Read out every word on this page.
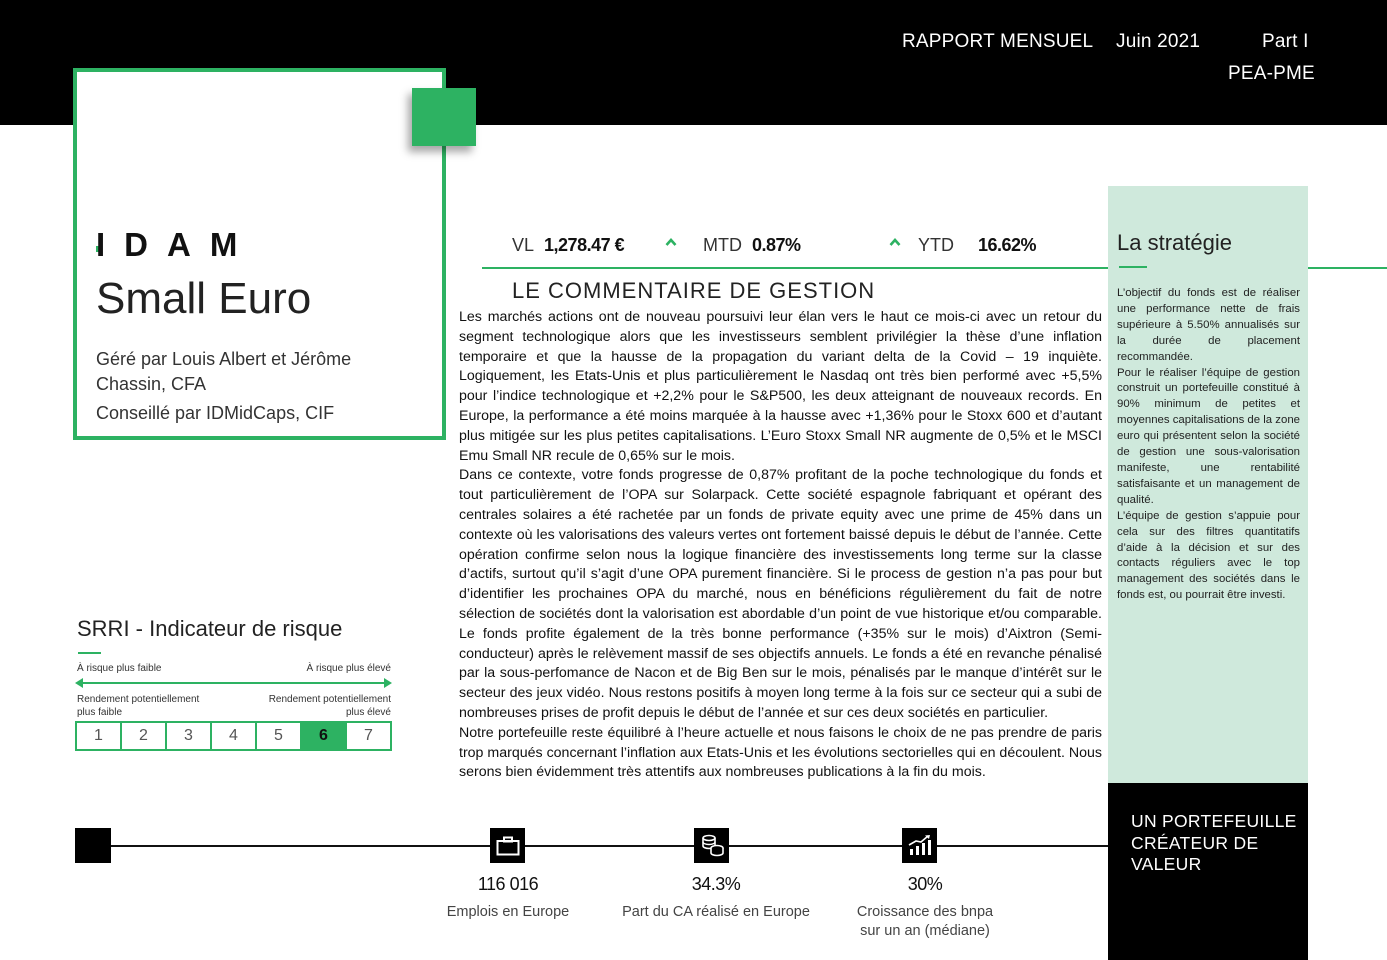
RAPPORT MENSUEL Juin 2021	Part I
PEA-PME
IDAM
Small Euro
Géré par Louis Albert et Jérôme Chassin, CFA
Conseillé par IDMidCaps, CIF
VL 1,278.47 €	MTD 0.87%	YTD 16.62%	La stratégie

L’objectif du fonds est de réaliser une performance nette de frais supérieure à 5.50% annualisés sur la durée de placement recommandée.

Pour le réaliser l’équipe de gestion construit un portefeuille constitué à 90% minimum de petites et moyennes capitalisations de la zone euro qui présentent selon la société de gestion une sous-valorisation manifeste, une rentabilité satisfaisante et un management de qualité.

L’équipe de gestion s’appuie pour cela sur des filtres quantitatifs d’aide à la décision et sur des contacts réguliers avec le top management des sociétés dans le fonds est, ou pourrait être investi.

LE COMMENTAIRE DE GESTION

Les marchés actions ont de nouveau poursuivi leur élan vers le haut ce mois-ci avec un retour du segment technologique alors que les investisseurs semblent privilégier la thèse d’une inflation temporaire et que la hausse de la propagation du variant delta de la Covid – 19 inquiète. Logiquement, les Etats-Unis et plus particulièrement le Nasdaq ont très bien performé avec +5,5% pour l’indice technologique et +2,2% pour le S&P500, les deux atteignant de nouveaux records. En Europe, la performance a été moins marquée à la hausse avec +1,36% pour le Stoxx 600 et d’autant plus mitigée sur les plus petites capitalisations. L’Euro Stoxx Small NR augmente de 0,5% et le MSCI Emu Small NR recule de 0,65% sur le mois.

Dans ce contexte, votre fonds progresse de 0,87% profitant de la poche technologique du fonds et tout particulièrement de l’OPA sur Solarpack. Cette société espagnole fabriquant et opérant des centrales solaires a été rachetée par un fonds de private equity avec une prime de 45% dans un contexte où les valorisations des valeurs vertes ont fortement baissé depuis le début de l’année. Cette opération confirme selon nous la logique financière des investissements long terme sur la classe d’actifs, surtout qu’il s’agit d’une OPA purement financière. Si le process de gestion n’a pas pour but d’identifier les prochaines OPA du marché, nous en bénéficions régulièrement du fait de notre sélection de sociétés dont la valorisation est abordable d’un point de vue historique et/ou comparable. Le fonds profite également de la très bonne performance (+35% sur le mois) d’Aixtron (Semi-conducteur) après le relèvement massif de ses objectifs annuels. Le fonds a été en revanche pénalisé par la sous-perfomance de Nacon et de Big Ben sur le mois, pénalisés par le manque d’intérêt sur le secteur des jeux vidéo. Nous restons positifs à moyen long terme à la fois sur ce secteur qui a subi de nombreuses prises de profit depuis le début de l’année et sur ces deux sociétés en particulier.

Notre portefeuille reste équilibré à l’heure actuelle et nous faisons le choix de ne pas prendre de paris trop marqués concernant l’inflation aux Etats-Unis et les évolutions sectorielles qui en découlent. Nous serons bien évidemment très attentifs aux nombreuses publications à la fin du mois.

SRRI - Indicateur de risque
À risque plus faible	À risque plus élevé
Rendement potentiellement plus faible
Rendement potentiellement plus élevé
1	2	3	4	5	6	7
116 016
Emplois en Europe
34.3%
Part du CA réalisé en Europe
30%
Croissance des bnpa sur un an (médiane)
UN PORTEFEUILLE CRÉATEUR DE VALEUR
